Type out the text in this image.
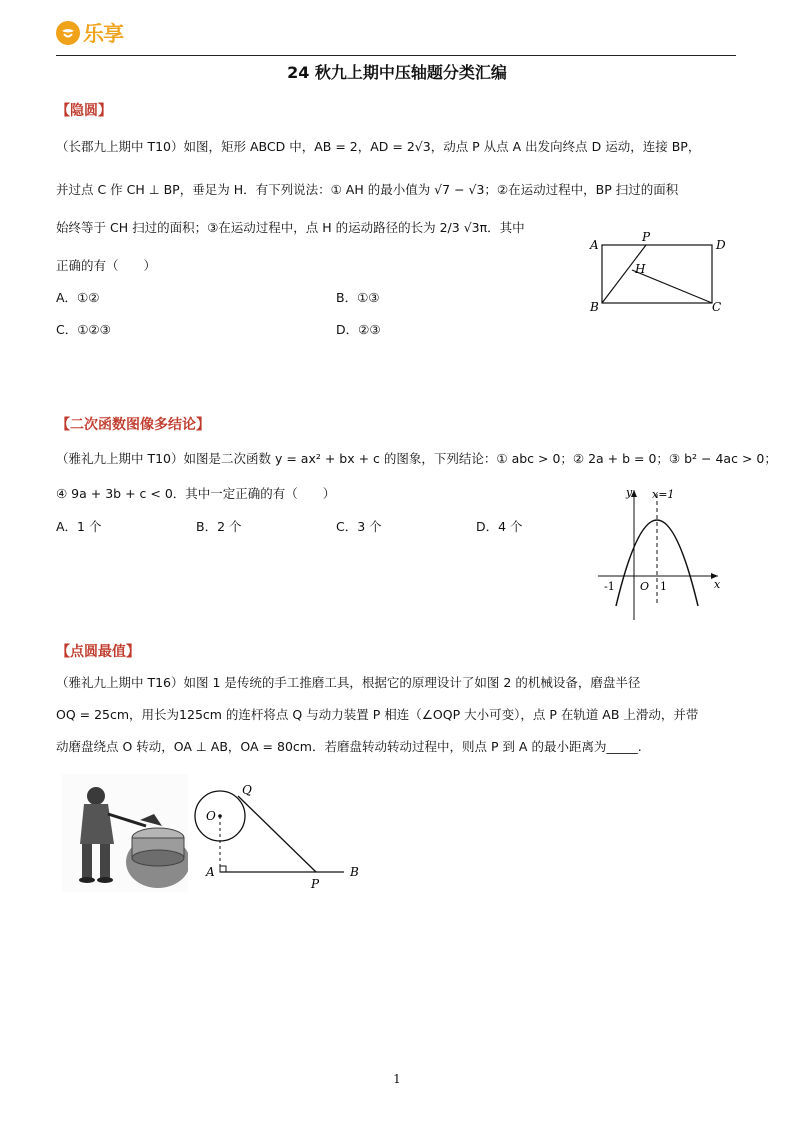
乐享
24 秋九上期中压轴题分类汇编
【隐圆】
（长郡九上期中 T10）如图，矩形 ABCD 中，AB = 2，AD = 2√3，动点 P 从点 A 出发向终点 D 运动，连接 BP，
并过点 C 作 CH ⊥ BP，垂足为 H．有下列说法：① AH 的最小值为 √7 − √3；②在运动过程中，BP 扫过的面积
始终等于 CH 扫过的面积；③在运动过程中，点 H 的运动路径的长为 2/3 √3π．其中
正确的有（　　）
A．①②	B．①③
C．①②③	D．②③
A
P
D
H
B	C
【二次函数图像多结论】
（雅礼九上期中 T10）如图是二次函数 y = ax² + bx + c 的图象，下列结论：① abc > 0；② 2a + b = 0；③ b² − 4ac > 0；
④ 9a + 3b + c < 0．其中一定正确的有（　　）
A．1 个	B．2 个	C．3 个	D．4 个
y x=1
x
O
-1	1
【点圆最值】
（雅礼九上期中 T16）如图 1 是传统的手工推磨工具，根据它的原理设计了如图 2 的机械设备，磨盘半径
OQ = 25cm，用长为125cm 的连杆将点 Q 与动力装置 P 相连（∠OQP 大小可变），点 P 在轨道 AB 上滑动，并带
动磨盘绕点 O 转动，OA ⊥ AB，OA = 80cm．若磨盘转动转动过程中，则点 P 到 A 的最小距离为_____.
Q
O
A
P
B
1
